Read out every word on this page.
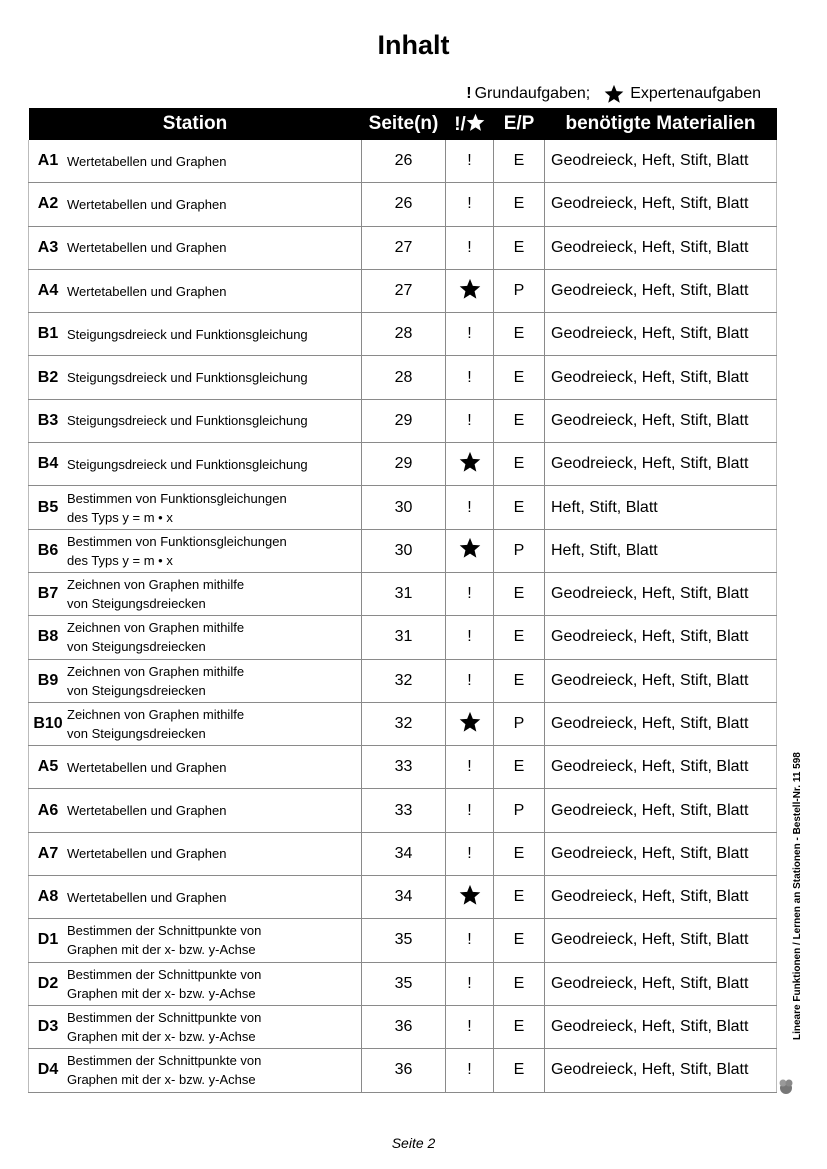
Inhalt
! Grundaufgaben;	Expertenaufgaben
Station	Seite(n)	!/	E/P	benötigte Materialien

A1 Wertetabellen und Graphen	26	!	E	Geodreieck, Heft, Stift, Blatt

A2 Wertetabellen und Graphen	26	!	E	Geodreieck, Heft, Stift, Blatt

A3 Wertetabellen und Graphen	27	!	E	Geodreieck, Heft, Stift, Blatt

A4 Wertetabellen und Graphen	27		P	Geodreieck, Heft, Stift, Blatt

B1 Steigungsdreieck und Funktionsgleichung	28	!	E	Geodreieck, Heft, Stift, Blatt

B2 Steigungsdreieck und Funktionsgleichung	28	!	E	Geodreieck, Heft, Stift, Blatt

B3 Steigungsdreieck und Funktionsgleichung	29	!	E	Geodreieck, Heft, Stift, Blatt

B4 Steigungsdreieck und Funktionsgleichung	29		E	Geodreieck, Heft, Stift, Blatt

B5
Bestimmen von Funktionsgleichungen
des Typs y = m • x	30	!	E	Heft, Stift, Blatt

B6
Bestimmen von Funktionsgleichungen
des Typs y = m • x	30		P	Heft, Stift, Blatt

B7
Zeichnen von Graphen mithilfe
von Steigungsdreiecken	31	!	E	Geodreieck, Heft, Stift, Blatt

B8
Zeichnen von Graphen mithilfe
von Steigungsdreiecken	31	!	E	Geodreieck, Heft, Stift, Blatt

B9
Zeichnen von Graphen mithilfe
von Steigungsdreiecken	32	!	E	Geodreieck, Heft, Stift, Blatt

B10
Zeichnen von Graphen mithilfe
von Steigungsdreiecken	32		P	Geodreieck, Heft, Stift, Blatt

A5 Wertetabellen und Graphen	33	!	E	Geodreieck, Heft, Stift, Blatt

A6 Wertetabellen und Graphen	33	!	P	Geodreieck, Heft, Stift, Blatt

A7 Wertetabellen und Graphen	34	!	E	Geodreieck, Heft, Stift, Blatt

A8 Wertetabellen und Graphen	34		E	Geodreieck, Heft, Stift, Blatt

D1
Bestimmen der Schnittpunkte von
Graphen mit der x- bzw. y-Achse	35	!	E	Geodreieck, Heft, Stift, Blatt

D2
Bestimmen der Schnittpunkte von
Graphen mit der x- bzw. y-Achse	35	!	E	Geodreieck, Heft, Stift, Blatt

D3
Bestimmen der Schnittpunkte von
Graphen mit der x- bzw. y-Achse	36	!	E	Geodreieck, Heft, Stift, Blatt

D4
Bestimmen der Schnittpunkte von
Graphen mit der x- bzw. y-Achse	36	!	E	Geodreieck, Heft, Stift, Blatt
Seite 2
Lineare Funktionen / Lernen an Stationen - Bestell-Nr. 11 598
